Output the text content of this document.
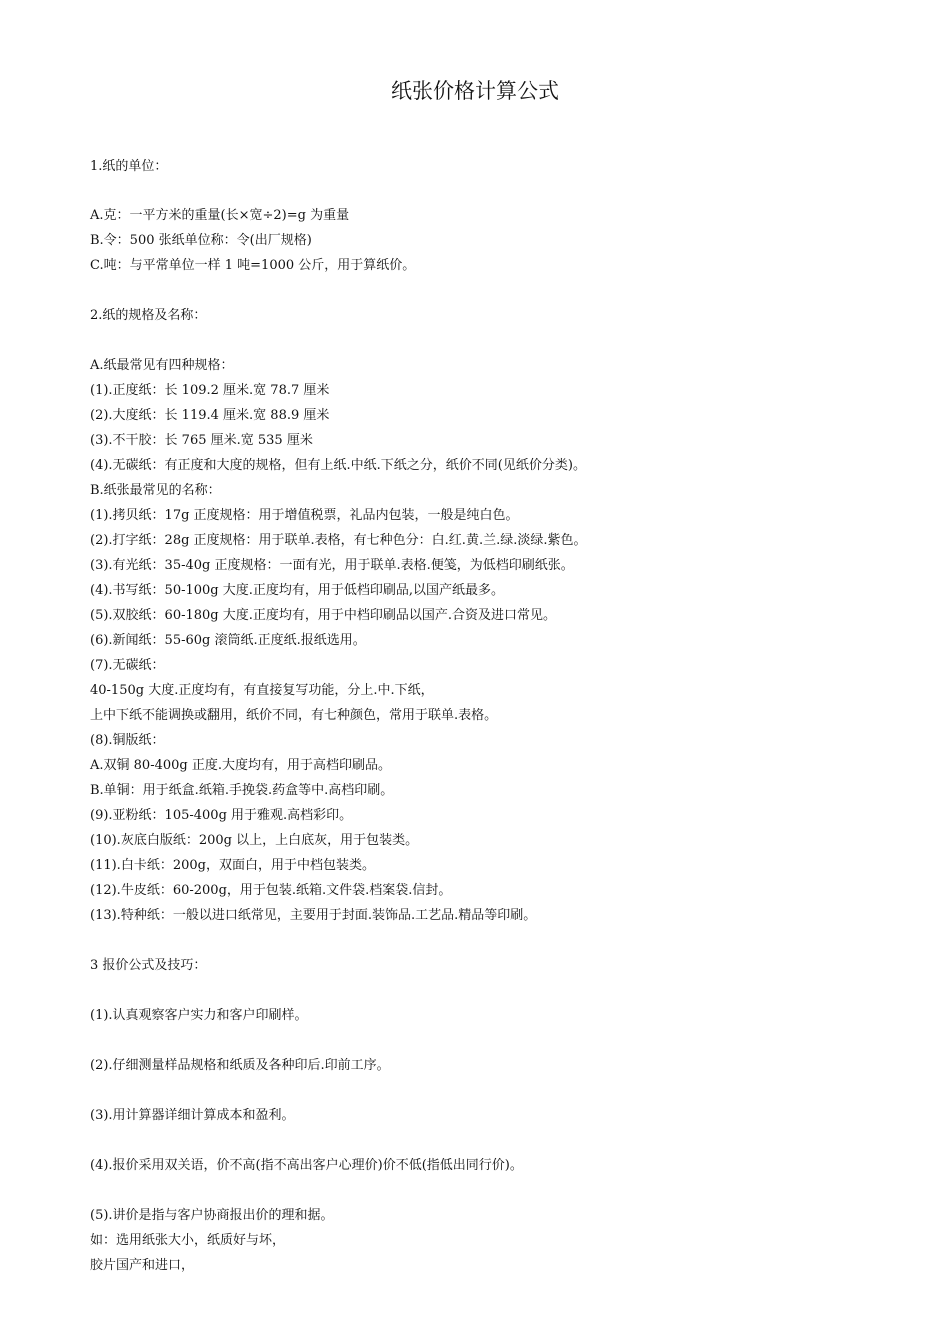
纸张价格计算公式
1.纸的单位：
A.克：一平方米的重量(长×宽÷2)=g 为重量
B.令：500 张纸单位称：令(出厂规格)
C.吨：与平常单位一样 1 吨=1000 公斤，用于算纸价。
2.纸的规格及名称：
A.纸最常见有四种规格：
(1).正度纸：长 109.2 厘米.宽 78.7 厘米
(2).大度纸：长 119.4 厘米.宽 88.9 厘米
(3).不干胶：长 765 厘米.宽 535 厘米
(4).无碳纸：有正度和大度的规格，但有上纸.中纸.下纸之分，纸价不同(见纸价分类)。
B.纸张最常见的名称：
(1).拷贝纸：17g 正度规格：用于增值税票，礼品内包装，一般是纯白色。
(2).打字纸：28g 正度规格：用于联单.表格，有七种色分：白.红.黄.兰.绿.淡绿.紫色。
(3).有光纸：35-40g 正度规格：一面有光，用于联单.表格.便笺，为低档印刷纸张。
(4).书写纸：50-100g 大度.正度均有，用于低档印刷品,以国产纸最多。
(5).双胶纸：60-180g 大度.正度均有，用于中档印刷品以国产.合资及进口常见。
(6).新闻纸：55-60g 滚筒纸.正度纸.报纸选用。
(7).无碳纸：
40-150g 大度.正度均有，有直接复写功能，分上.中.下纸，
上中下纸不能调换或翻用，纸价不同，有七种颜色，常用于联单.表格。
(8).铜版纸：
A.双铜 80-400g 正度.大度均有，用于高档印刷品。
B.单铜：用于纸盒.纸箱.手挽袋.药盒等中.高档印刷。
(9).亚粉纸：105-400g 用于雅观.高档彩印。
(10).灰底白版纸：200g 以上，上白底灰，用于包装类。
(11).白卡纸：200g，双面白，用于中档包装类。
(12).牛皮纸：60-200g，用于包装.纸箱.文件袋.档案袋.信封。
(13).特种纸：一般以进口纸常见，主要用于封面.装饰品.工艺品.精品等印刷。
3 报价公式及技巧：
(1).认真观察客户实力和客户印刷样。
(2).仔细测量样品规格和纸质及各种印后.印前工序。
(3).用计算器详细计算成本和盈利。
(4).报价采用双关语，价不高(指不高出客户心理价)价不低(指低出同行价)。
(5).讲价是指与客户协商报出价的理和据。
如：选用纸张大小，纸质好与坏，
胶片国产和进口，
